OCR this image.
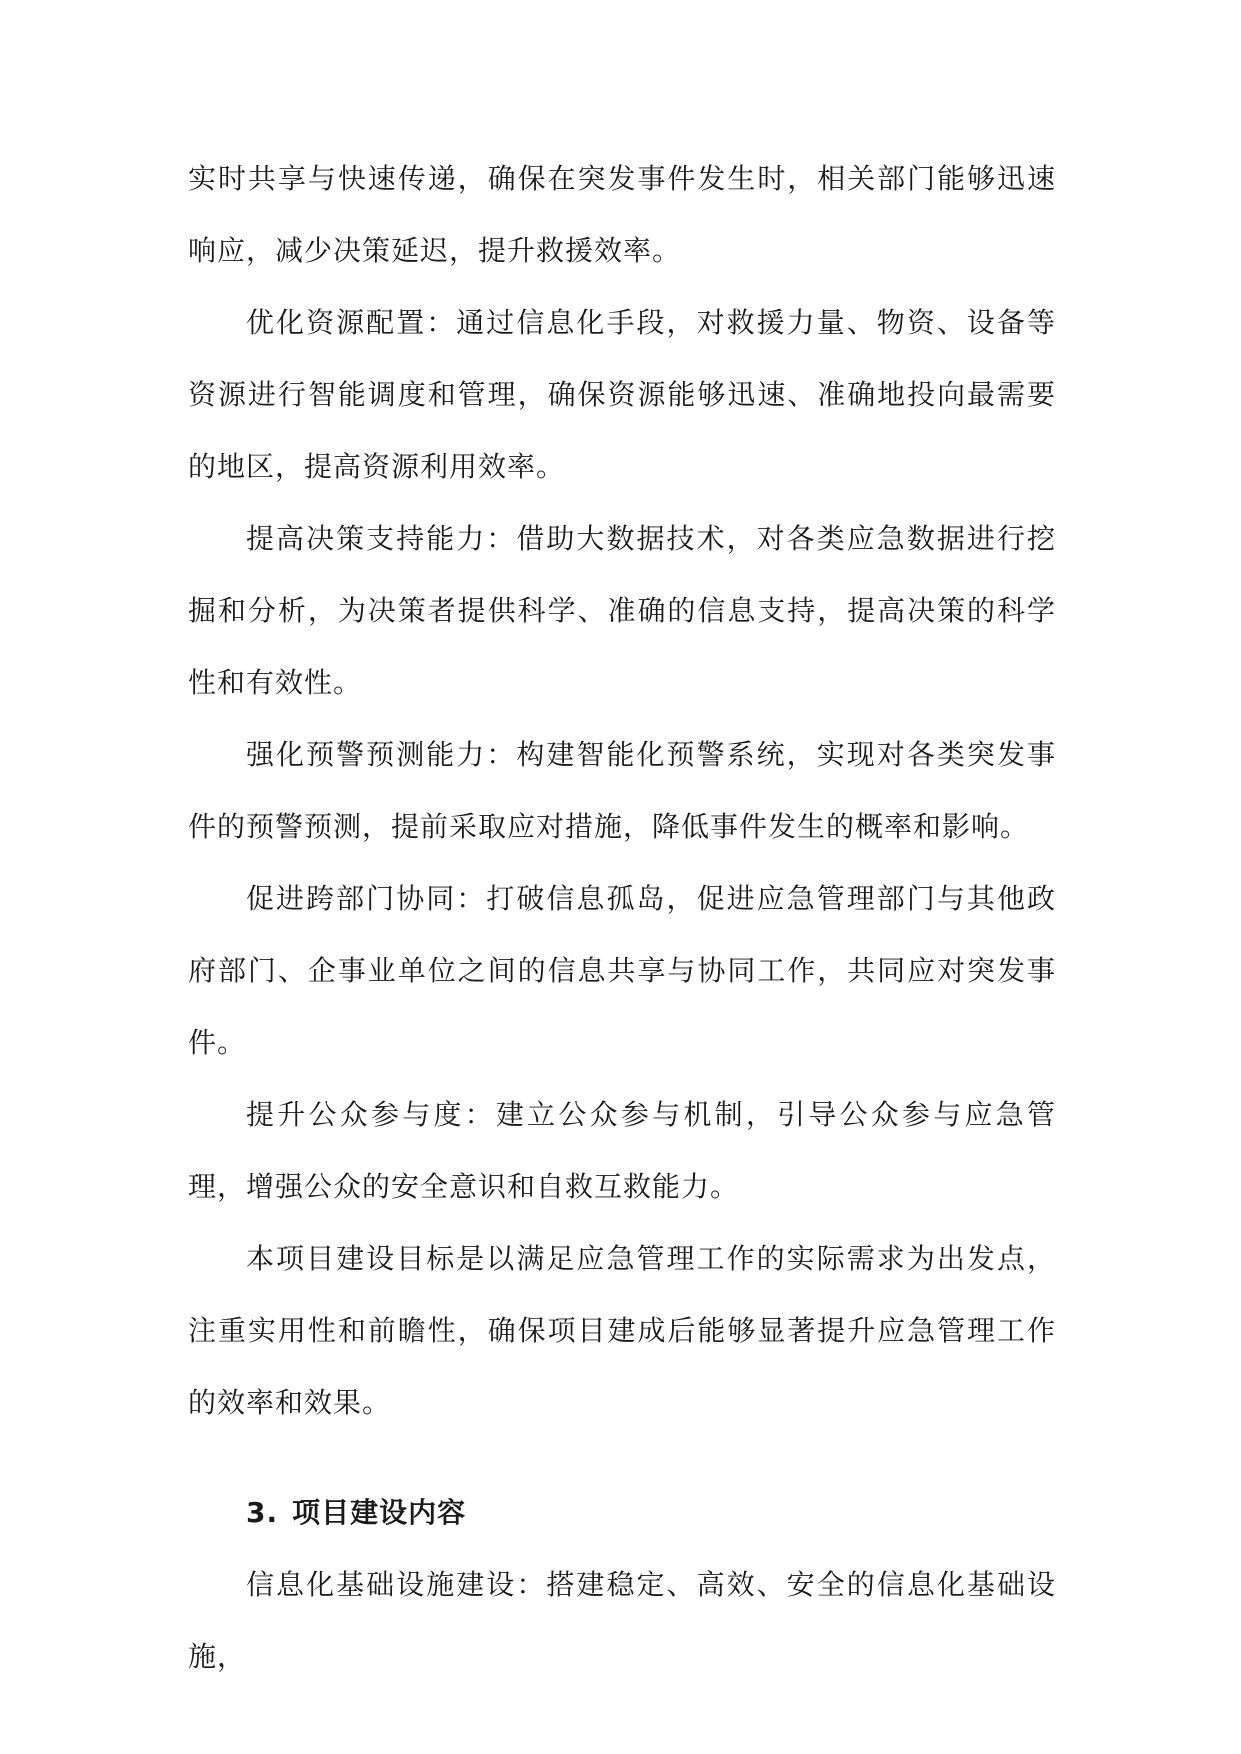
实时共享与快速传递，确保在突发事件发生时，相关部门能够迅速响应，减少决策延迟，提升救援效率。

优化资源配置：通过信息化手段，对救援力量、物资、设备等资源进行智能调度和管理，确保资源能够迅速、准确地投向最需要的地区，提高资源利用效率。

提高决策支持能力：借助大数据技术，对各类应急数据进行挖掘和分析，为决策者提供科学、准确的信息支持，提高决策的科学性和有效性。

强化预警预测能力：构建智能化预警系统，实现对各类突发事件的预警预测，提前采取应对措施，降低事件发生的概率和影响。

促进跨部门协同：打破信息孤岛，促进应急管理部门与其他政府部门、企事业单位之间的信息共享与协同工作，共同应对突发事件。

提升公众参与度：建立公众参与机制，引导公众参与应急管理，增强公众的安全意识和自救互救能力。

本项目建设目标是以满足应急管理工作的实际需求为出发点，注重实用性和前瞻性，确保项目建成后能够显著提升应急管理工作的效率和效果。

3. 项目建设内容

信息化基础设施建设：搭建稳定、高效、安全的信息化基础设施，
